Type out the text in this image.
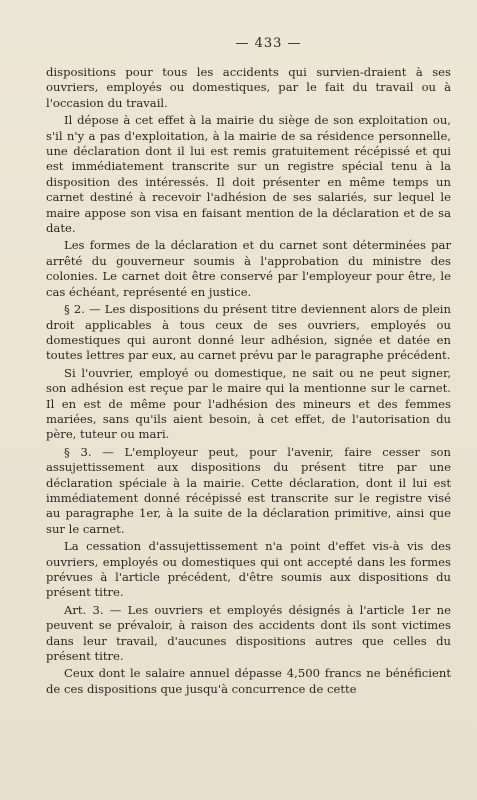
— 433 —

dispositions pour tous les accidents qui survien-draient à ses ouvriers, employés ou domestiques, par le fait du travail ou à l'occasion du travail.

Il dépose à cet effet à la mairie du siège de son exploitation ou, s'il n'y a pas d'exploitation, à la mairie de sa résidence personnelle, une déclaration dont il lui est remis gratuitement récépissé et qui est immédiatement transcrite sur un registre spécial tenu à la disposition des intéressés. Il doit présenter en même temps un carnet destiné à recevoir l'adhésion de ses salariés, sur lequel le maire appose son visa en faisant mention de la déclaration et de sa date.

Les formes de la déclaration et du carnet sont déterminées par arrêté du gouverneur soumis à l'approbation du ministre des colonies. Le carnet doit être conservé par l'employeur pour être, le cas échéant, représenté en justice.

§ 2. — Les dispositions du présent titre deviennent alors de plein droit applicables à tous ceux de ses ouvriers, employés ou domestiques qui auront donné leur adhésion, signée et datée en toutes lettres par eux, au carnet prévu par le paragraphe précédent.

Si l'ouvrier, employé ou domestique, ne sait ou ne peut signer, son adhésion est reçue par le maire qui la mentionne sur le carnet. Il en est de même pour l'adhésion des mineurs et des femmes mariées, sans qu'ils aient besoin, à cet effet, de l'autorisation du père, tuteur ou mari.

§ 3. — L'employeur peut, pour l'avenir, faire cesser son assujettissement aux dispositions du présent titre par une déclaration spéciale à la mairie. Cette déclaration, dont il lui est immédiatement donné récépissé est transcrite sur le registre visé au paragraphe 1er, à la suite de la déclaration primitive, ainsi que sur le carnet.

La cessation d'assujettissement n'a point d'effet vis-à vis des ouvriers, employés ou domestiques qui ont accepté dans les formes prévues à l'article précédent, d'être soumis aux dispositions du présent titre.

Art. 3. — Les ouvriers et employés désignés à l'article 1er ne peuvent se prévaloir, à raison des accidents dont ils sont victimes dans leur travail, d'aucunes dispositions autres que celles du présent titre.

Ceux dont le salaire annuel dépasse 4,500 francs ne bénéficient de ces dispositions que jusqu'à concurrence de cette
